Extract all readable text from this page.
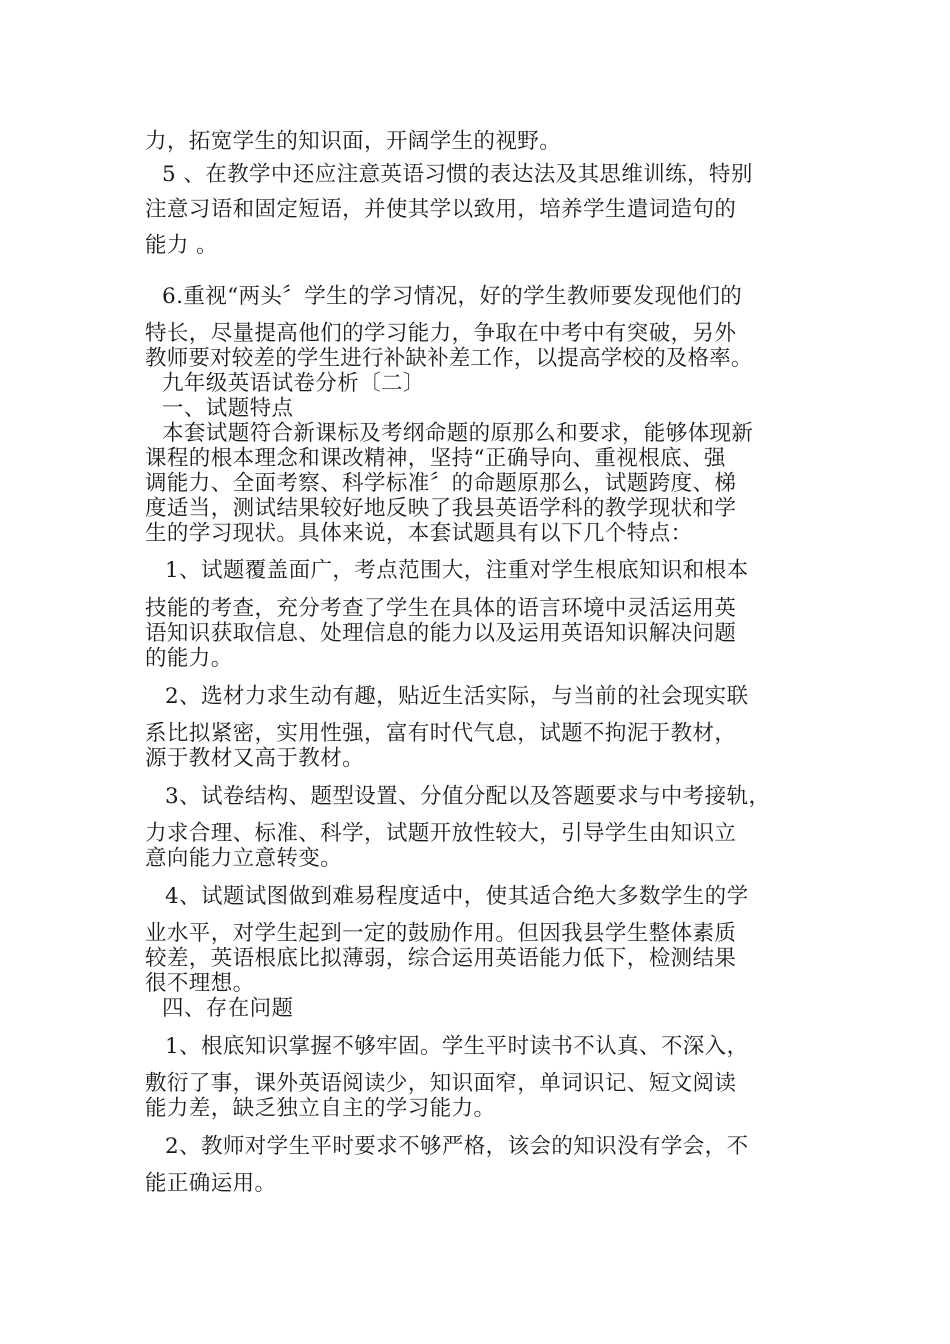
力，拓宽学生的知识面，开阔学生的视野。

5 、在教学中还应注意英语习惯的表达法及其思维训练，特别

注意习语和固定短语，并使其学以致用，培养学生遣词造句的

能力 。

6.重视“两头〞学生的学习情况，好的学生教师要发现他们的

特长，尽量提高他们的学习能力，争取在中考中有突破，另外

教师要对较差的学生进行补缺补差工作，以提高学校的及格率。

九年级英语试卷分析〔二〕

一、试题特点

本套试题符合新课标及考纲命题的原那么和要求，能够体现新

课程的根本理念和课改精神，坚持“正确导向、重视根底、强

调能力、全面考察、科学标准〞的命题原那么，试题跨度、梯

度适当，测试结果较好地反映了我县英语学科的教学现状和学

生的学习现状。具体来说，本套试题具有以下几个特点：

1、试题覆盖面广，考点范围大，注重对学生根底知识和根本

技能的考查，充分考查了学生在具体的语言环境中灵活运用英

语知识获取信息、处理信息的能力以及运用英语知识解决问题

的能力。

2、选材力求生动有趣，贴近生活实际，与当前的社会现实联

系比拟紧密，实用性强，富有时代气息，试题不拘泥于教材，

源于教材又高于教材。

3、试卷结构、题型设置、分值分配以及答题要求与中考接轨，

力求合理、标准、科学，试题开放性较大，引导学生由知识立

意向能力立意转变。

4、试题试图做到难易程度适中，使其适合绝大多数学生的学

业水平，对学生起到一定的鼓励作用。但因我县学生整体素质

较差，英语根底比拟薄弱，综合运用英语能力低下，检测结果

很不理想。

四、存在问题

1、根底知识掌握不够牢固。学生平时读书不认真、不深入，

敷衍了事，课外英语阅读少，知识面窄，单词识记、短文阅读

能力差，缺乏独立自主的学习能力。

2、教师对学生平时要求不够严格，该会的知识没有学会，不

能正确运用。
